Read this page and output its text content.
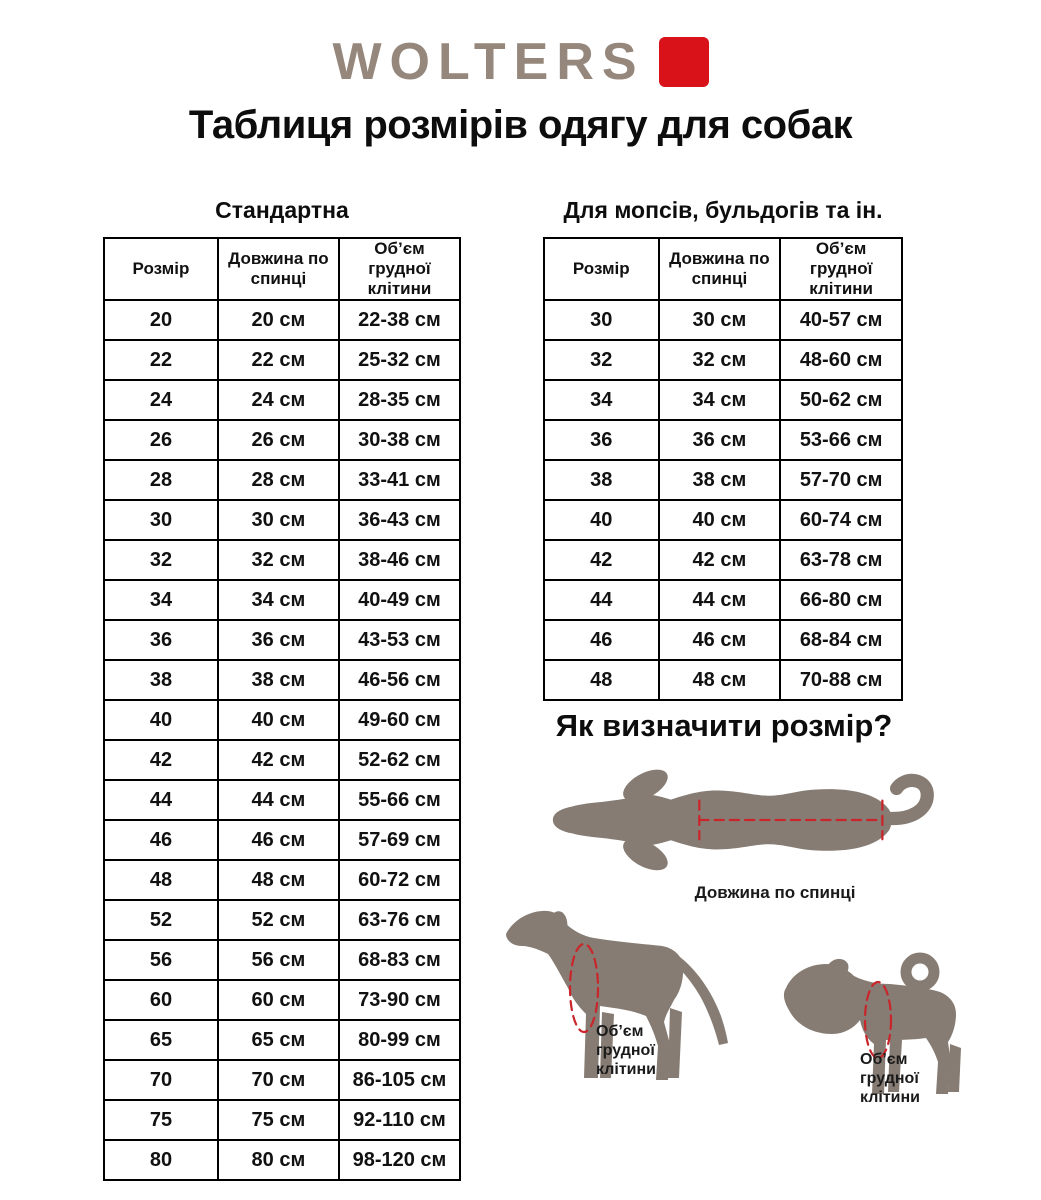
WOLTERS
Таблиця розмірів одягу для собак
Стандартна	Для мопсів, бульдогів та ін.
Розмір	Довжина по спинці	Об’єм грудної клітини
20	20 см	22-38 см
22	22 см	25-32 см
24	24 см	28-35 см
26	26 см	30-38 см
28	28 см	33-41 см
30	30 см	36-43 см
32	32 см	38-46 см
34	34 см	40-49 см
36	36 см	43-53 см
38	38 см	46-56 см
40	40 см	49-60 см
42	42 см	52-62 см
44	44 см	55-66 см
46	46 см	57-69 см
48	48 см	60-72 см
52	52 см	63-76 см
56	56 см	68-83 см
60	60 см	73-90 см
65	65 см	80-99 см
70	70 см	86-105 см
75	75 см	92-110 см
80	80 см	98-120 см
Розмір	Довжина по спинці	Об’єм грудної клітини
30	30 см	40-57 см
32	32 см	48-60 см
34	34 см	50-62 см
36	36 см	53-66 см
38	38 см	57-70 см
40	40 см	60-74 см
42	42 см	63-78 см
44	44 см	66-80 см
46	46 см	68-84 см
48	48 см	70-88 см
Як визначити розмір?
Довжина по спинці
Об’єм грудної клітини
Об’єм грудної клітини
